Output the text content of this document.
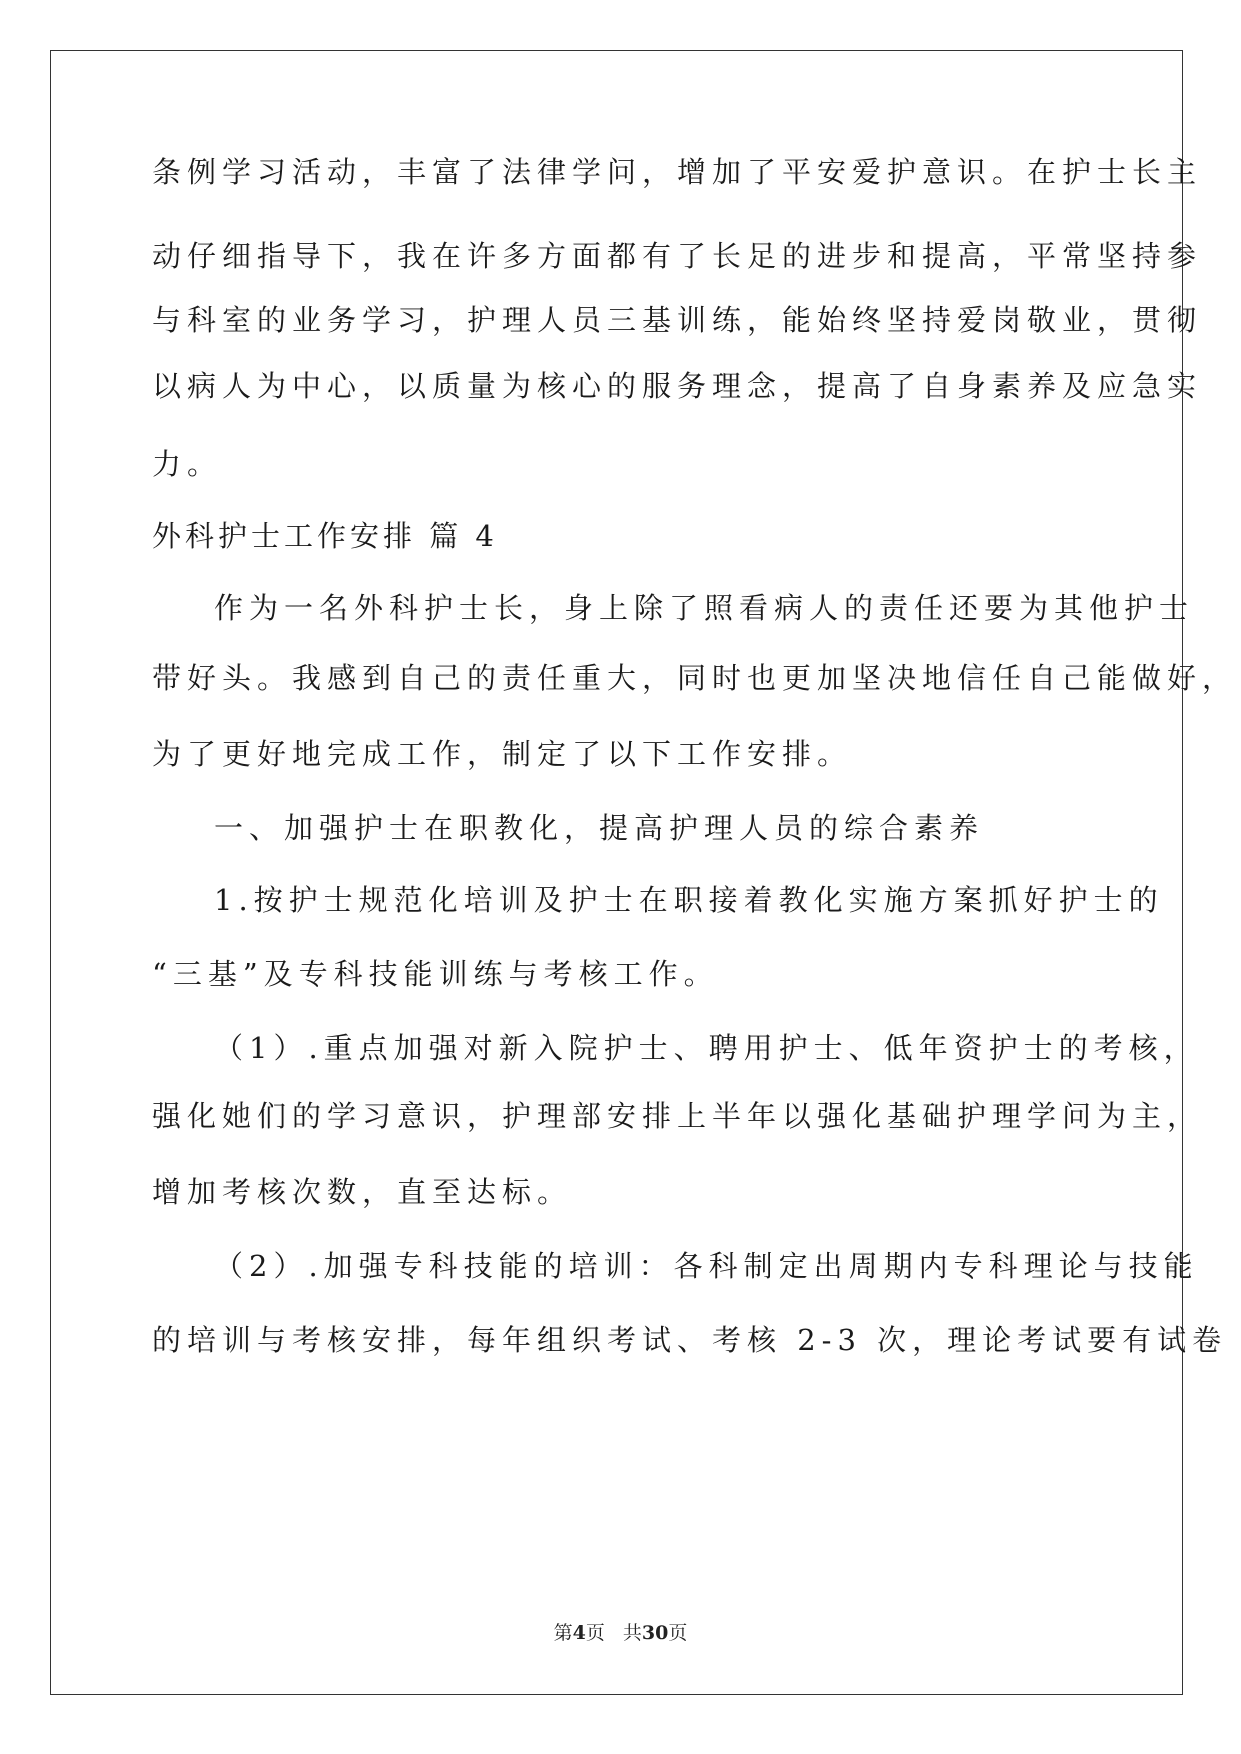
条例学习活动，丰富了法律学问，增加了平安爱护意识。在护士长主
动仔细指导下，我在许多方面都有了长足的进步和提高，平常坚持参
与科室的业务学习，护理人员三基训练，能始终坚持爱岗敬业，贯彻
以病人为中心，以质量为核心的服务理念，提高了自身素养及应急实
力。
外科护士工作安排 篇 4
作为一名外科护士长，身上除了照看病人的责任还要为其他护士
带好头。我感到自己的责任重大，同时也更加坚决地信任自己能做好，
为了更好地完成工作，制定了以下工作安排。
一、加强护士在职教化，提高护理人员的综合素养
1.按护士规范化培训及护士在职接着教化实施方案抓好护士的
“三基”及专科技能训练与考核工作。
（1）.重点加强对新入院护士、聘用护士、低年资护士的考核，
强化她们的学习意识，护理部安排上半年以强化基础护理学问为主，
增加考核次数，直至达标。
（2）.加强专科技能的培训：各科制定出周期内专科理论与技能
的培训与考核安排，每年组织考试、考核 2-3 次，理论考试要有试卷
第4页 共30页
